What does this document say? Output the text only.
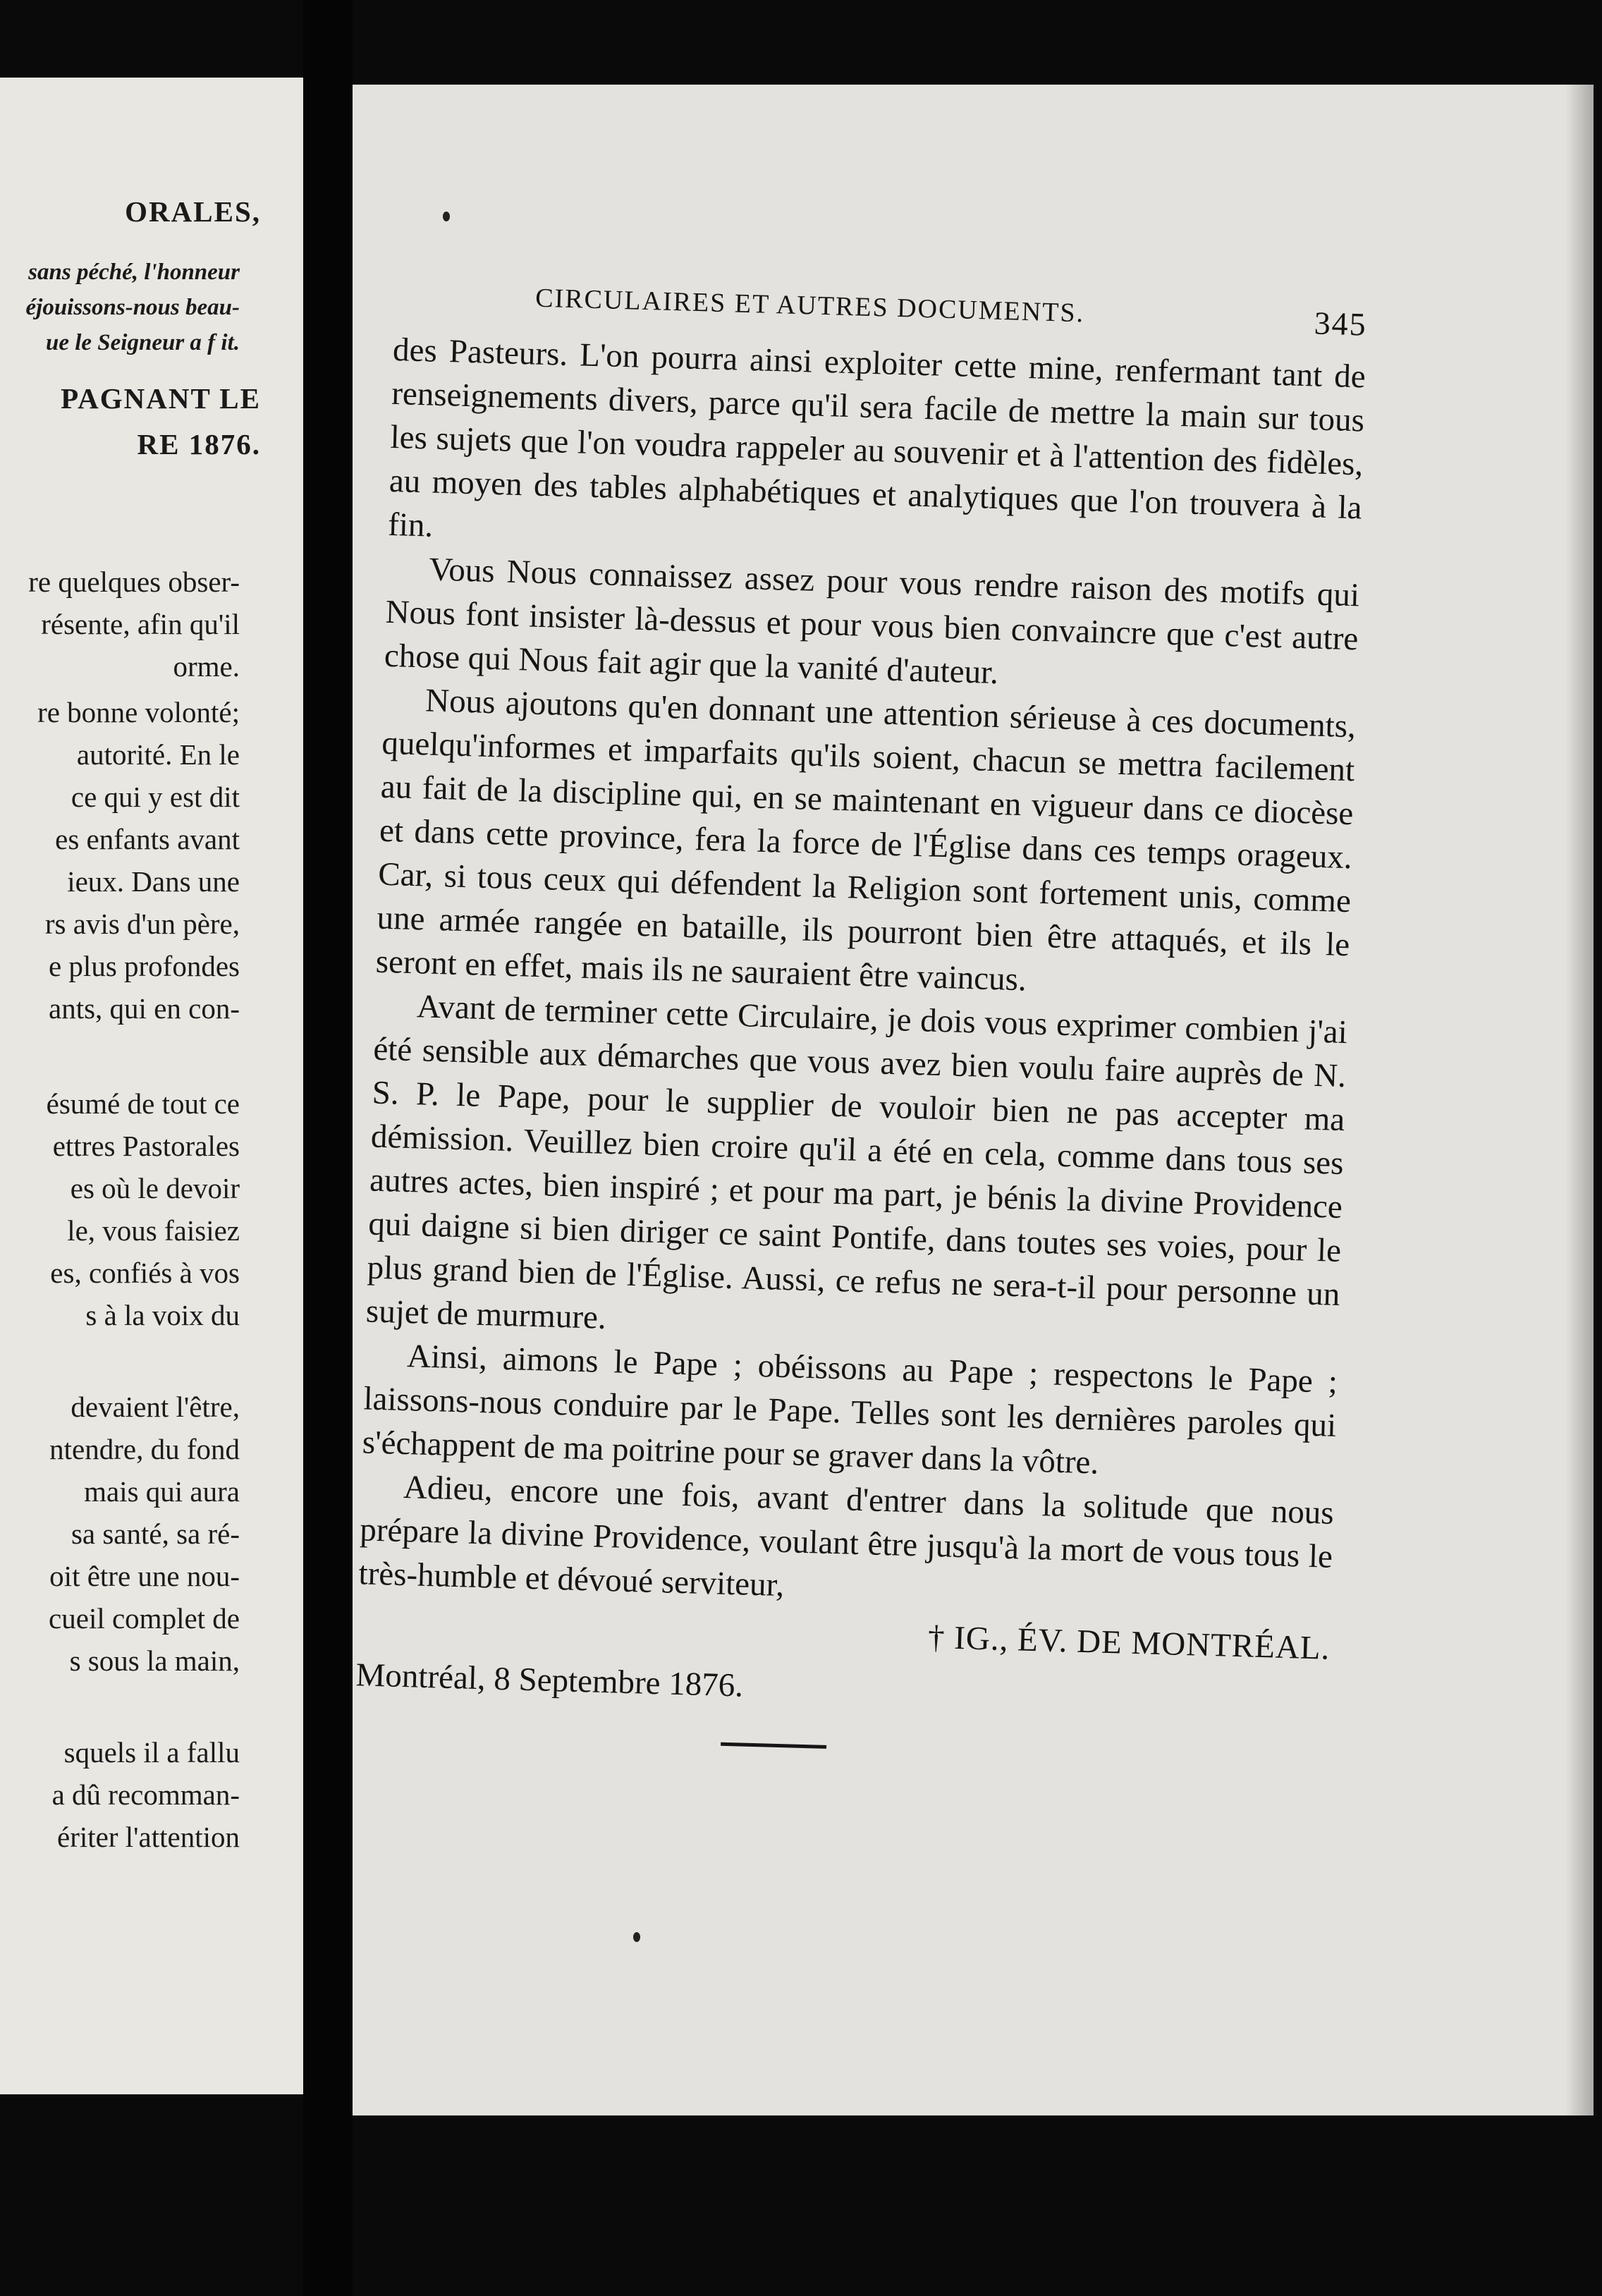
ORALES,
sans péché, l'honneur
éjouissons-nous beau-
ue le Seigneur a f it.
PAGNANT LE
RE 1876.
re quelques obser-
résente, afin qu'il
orme.
re bonne volonté;
autorité. En le
ce qui y est dit
es enfants avant
ieux. Dans une
rs avis d'un père,
e plus profondes
ants, qui en con-
ésumé de tout ce
ettres Pastorales
es où le devoir
le, vous faisiez
es, confiés à vos
s à la voix du
devaient l'être,
ntendre, du fond
mais qui aura
sa santé, sa ré-
oit être une nou-
cueil complet de
s sous la main,
squels il a fallu
a dû recomman-
ériter l'attention
CIRCULAIRES ET AUTRES DOCUMENTS.	345

des Pasteurs. L'on pourra ainsi exploiter cette mine, renfermant tant de renseignements divers, parce qu'il sera facile de mettre la main sur tous les sujets que l'on voudra rappeler au souvenir et à l'attention des fidèles, au moyen des tables alphabétiques et analytiques que l'on trouvera à la fin.

Vous Nous connaissez assez pour vous rendre raison des motifs qui Nous font insister là-dessus et pour vous bien convaincre que c'est autre chose qui Nous fait agir que la vanité d'auteur.

Nous ajoutons qu'en donnant une attention sérieuse à ces documents, quelqu'informes et imparfaits qu'ils soient, chacun se mettra facilement au fait de la discipline qui, en se maintenant en vigueur dans ce diocèse et dans cette province, fera la force de l'Église dans ces temps orageux. Car, si tous ceux qui défendent la Religion sont fortement unis, comme une armée rangée en bataille, ils pourront bien être attaqués, et ils le seront en effet, mais ils ne sauraient être vaincus.

Avant de terminer cette Circulaire, je dois vous exprimer combien j'ai été sensible aux démarches que vous avez bien voulu faire auprès de N. S. P. le Pape, pour le supplier de vouloir bien ne pas accepter ma démission. Veuillez bien croire qu'il a été en cela, comme dans tous ses autres actes, bien inspiré ; et pour ma part, je bénis la divine Providence qui daigne si bien diriger ce saint Pontife, dans toutes ses voies, pour le plus grand bien de l'Église. Aussi, ce refus ne sera-t-il pour personne un sujet de murmure.

Ainsi, aimons le Pape ; obéissons au Pape ; respectons le Pape ; laissons-nous conduire par le Pape. Telles sont les dernières paroles qui s'échappent de ma poitrine pour se graver dans la vôtre.

Adieu, encore une fois, avant d'entrer dans la solitude que nous prépare la divine Providence, voulant être jusqu'à la mort de vous tous le très-humble et dévoué serviteur,

† IG., ÉV. DE MONTRÉAL.

Montréal, 8 Septembre 1876.
